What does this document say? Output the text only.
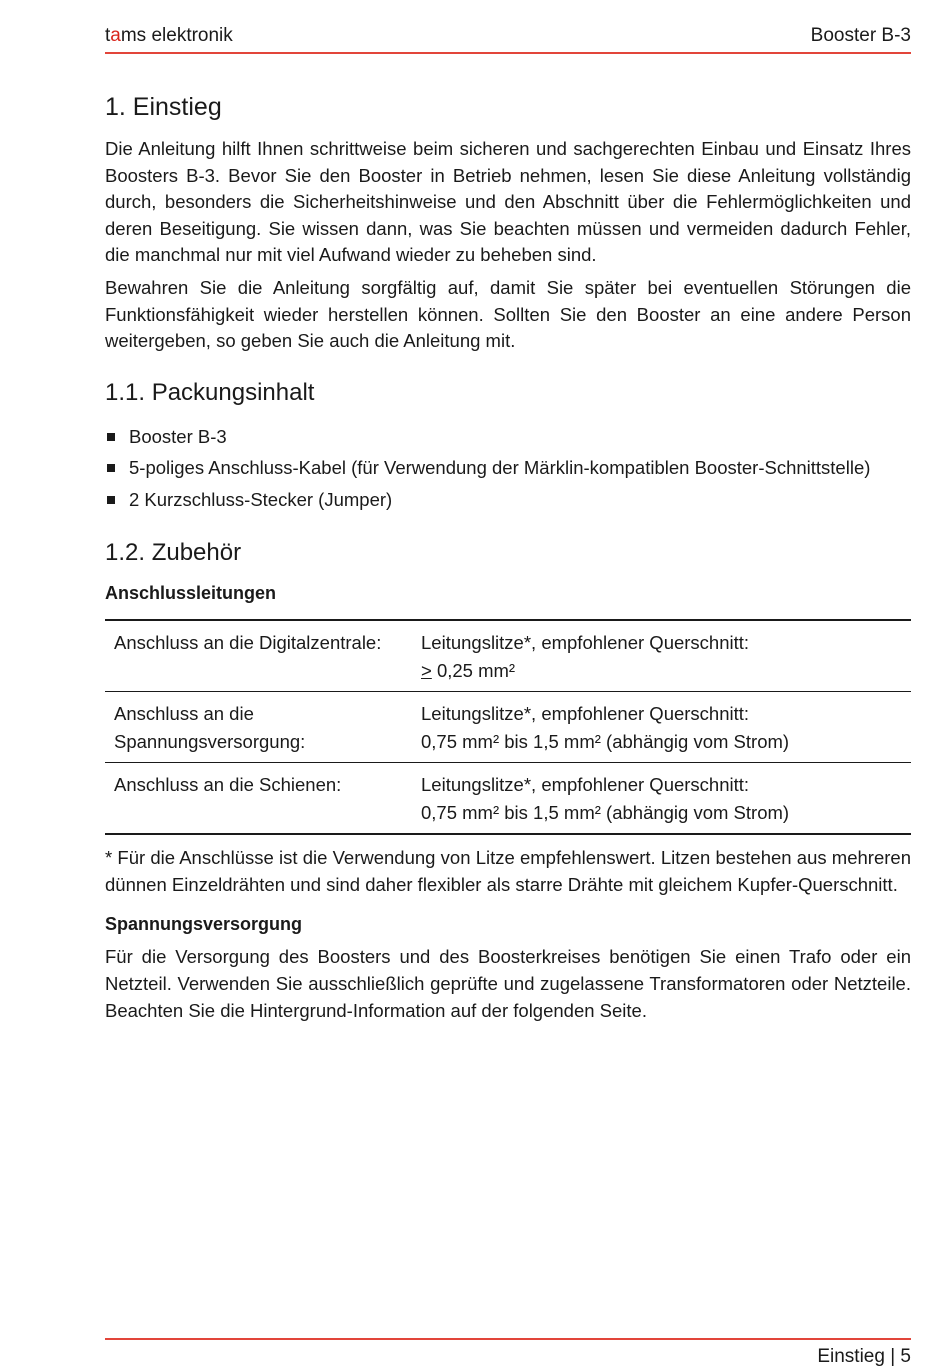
tams elektronik	Booster B-3
1. Einstieg

Die Anleitung hilft Ihnen schrittweise beim sicheren und sachgerechten Einbau und Einsatz Ihres Boosters B-3. Bevor Sie den Booster in Betrieb nehmen, lesen Sie diese Anleitung vollständig durch, besonders die Sicherheitshinweise und den Abschnitt über die Fehlermöglichkeiten und deren Beseitigung. Sie wissen dann, was Sie beachten müssen und vermeiden dadurch Fehler, die manchmal nur mit viel Aufwand wieder zu beheben sind.

Bewahren Sie die Anleitung sorgfältig auf, damit Sie später bei eventuellen Störungen die Funktionsfähigkeit wieder herstellen können. Sollten Sie den Booster an eine andere Person weitergeben, so geben Sie auch die Anleitung mit.

1.1. Packungsinhalt
Booster B-3
5-poliges Anschluss-Kabel (für Verwendung der Märklin-kompatiblen Booster-Schnittstelle)
2 Kurzschluss-Stecker (Jumper)
1.2. Zubehör
Anschlussleitungen
Anschluss an die Digitalzentrale:	Leitungslitze*, empfohlener Querschnitt:
≥ 0,25 mm²

Anschluss an die Spannungsversorgung:	Leitungslitze*, empfohlener Querschnitt:
0,75 mm² bis 1,5 mm² (abhängig vom Strom)

Anschluss an die Schienen:	Leitungslitze*, empfohlener Querschnitt:
0,75 mm² bis 1,5 mm² (abhängig vom Strom)

* Für die Anschlüsse ist die Verwendung von Litze empfehlenswert. Litzen bestehen aus mehreren dünnen Einzeldrähten und sind daher flexibler als starre Drähte mit gleichem Kupfer-Querschnitt.

Spannungsversorgung

Für die Versorgung des Boosters und des Boosterkreises benötigen Sie einen Trafo oder ein Netzteil. Verwenden Sie ausschließlich geprüfte und zugelassene Transformatoren oder Netzteile. Beachten Sie die Hintergrund-Information auf der folgenden Seite.

Einstieg | 5
